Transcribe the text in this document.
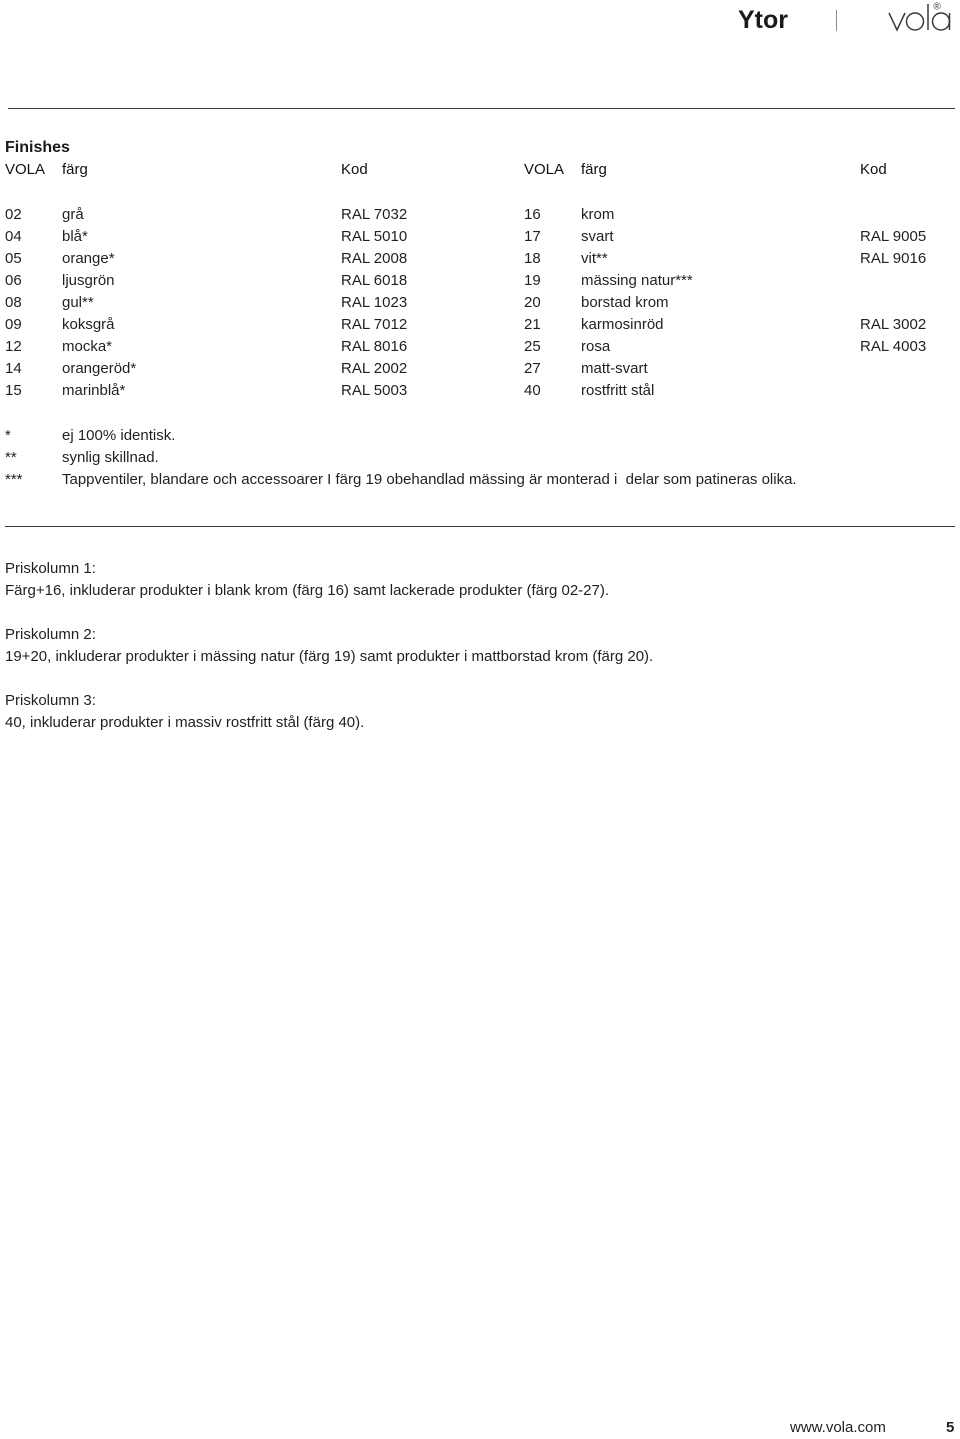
Ytor	®
Finishes
VOLA färg	Kod
02	grå	RAL 7032
04	blå*	RAL 5010
05	orange*	RAL 2008
06	ljusgrön	RAL 6018
08	gul**	RAL 1023
09	koksgrå	RAL 7012
12	mocka*	RAL 8016
14	orangeröd*	RAL 2002
15	marinblå*	RAL 5003
VOLA färg	Kod
16	krom
17	svart	RAL 9005
18	vit**	RAL 9016
19	mässing natur***
20	borstad krom
21	karmosinröd	RAL 3002
25	rosa	RAL 4003
27	matt-svart
40	rostfritt stål
*	ej 100% identisk.
**	synlig skillnad.
***	Tappventiler, blandare och accessoarer I färg 19 obehandlad mässing är monterad i  delar som patineras olika.
Priskolumn 1:
Färg+16, inkluderar produkter i blank krom (färg 16) samt lackerade produkter (färg 02-27).
Priskolumn 2:
19+20, inkluderar produkter i mässing natur (färg 19) samt produkter i mattborstad krom (färg 20).
Priskolumn 3:
40, inkluderar produkter i massiv rostfritt stål (färg 40).
www.vola.com	5
